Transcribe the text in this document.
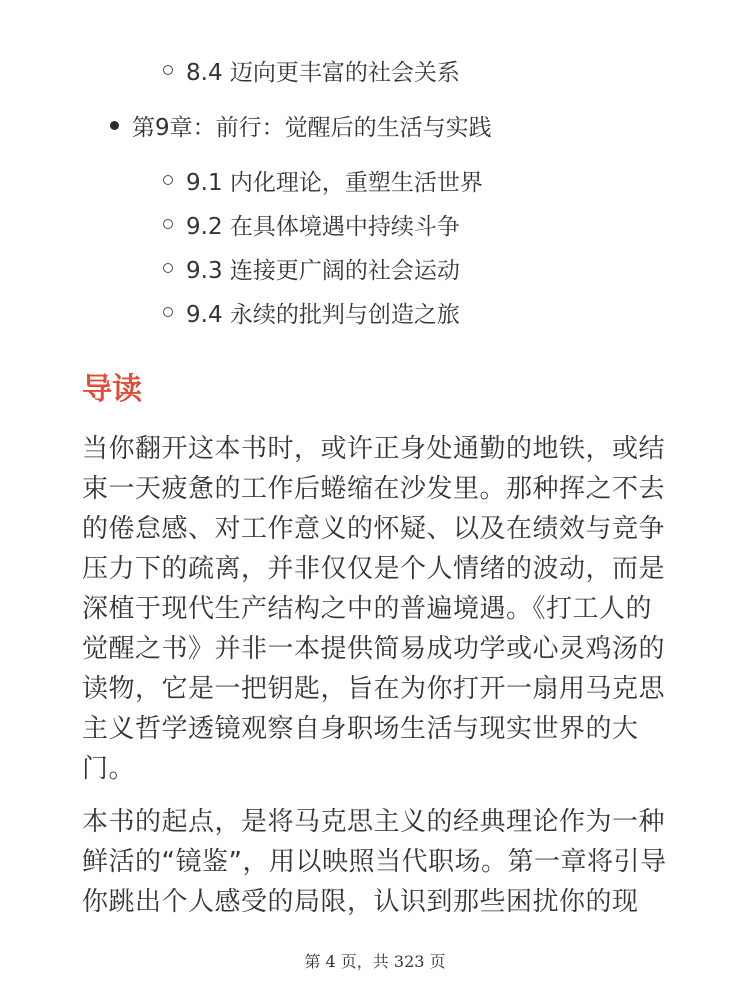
8.4 迈向更丰富的社会关系
第9章：前行：觉醒后的生活与实践
9.1 内化理论，重塑生活世界
9.2 在具体境遇中持续斗争
9.3 连接更广阔的社会运动
9.4 永续的批判与创造之旅
导读

当你翻开这本书时，或许正身处通勤的地铁，或结束一天疲惫的工作后蜷缩在沙发里。那种挥之不去的倦怠感、对工作意义的怀疑、以及在绩效与竞争压力下的疏离，并非仅仅是个人情绪的波动，而是深植于现代生产结构之中的普遍境遇。《打工人的觉醒之书》并非一本提供简易成功学或心灵鸡汤的读物，它是一把钥匙，旨在为你打开一扇用马克思主义哲学透镜观察自身职场生活与现实世界的大门。

本书的起点，是将马克思主义的经典理论作为一种鲜活的“镜鉴”，用以映照当代职场。第一章将引导你跳出个人感受的局限，认识到那些困扰你的现

第 4 页，共 323 页
